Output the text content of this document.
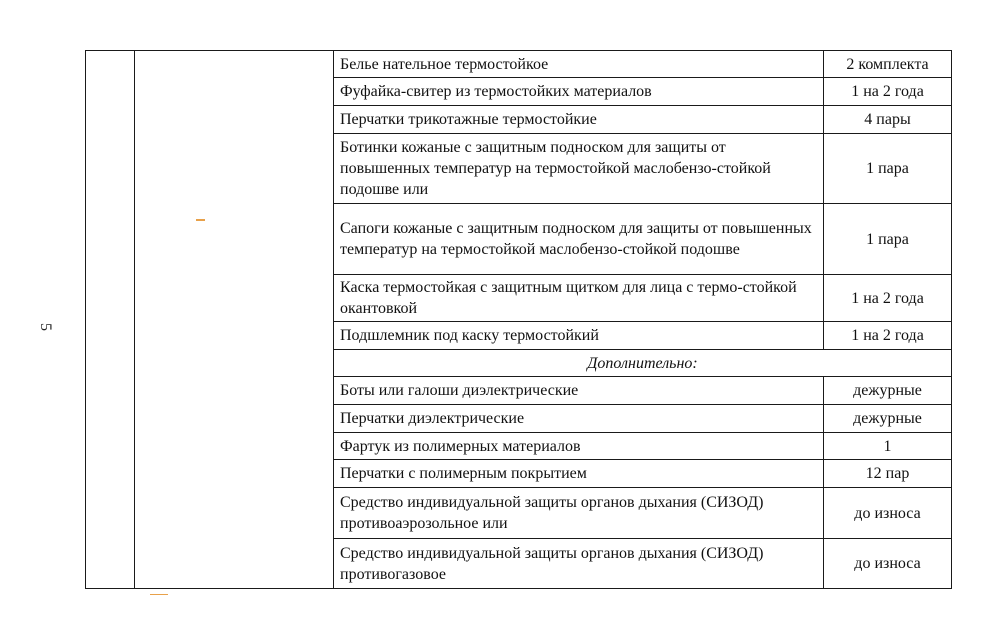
5
		Белье нательное термостойкое	2 комплекта
		Фуфайка-свитер из термостойких материалов	1 на 2 года
		Перчатки трикотажные термостойкие	4 пары
		Ботинки кожаные с защитным подноском для защиты от повышенных температур на термостойкой маслобензо-стойкой подошве или	1 пара
		Сапоги кожаные с защитным подноском для защиты от повышенных температур на термостойкой маслобензо-стойкой подошве	1 пара
		Каска термостойкая с защитным щитком для лица с термо-стойкой окантовкой	1 на 2 года
		Подшлемник под каску термостойкий	1 на 2 года
		Дополнительно:	
		Боты или галоши диэлектрические	дежурные
		Перчатки диэлектрические	дежурные
		Фартук из полимерных материалов	1
		Перчатки с полимерным покрытием	12 пар
		Средство индивидуальной защиты органов дыхания (СИЗОД) противоаэрозольное или	до износа
		Средство индивидуальной защиты органов дыхания (СИЗОД) противогазовое	до износа
